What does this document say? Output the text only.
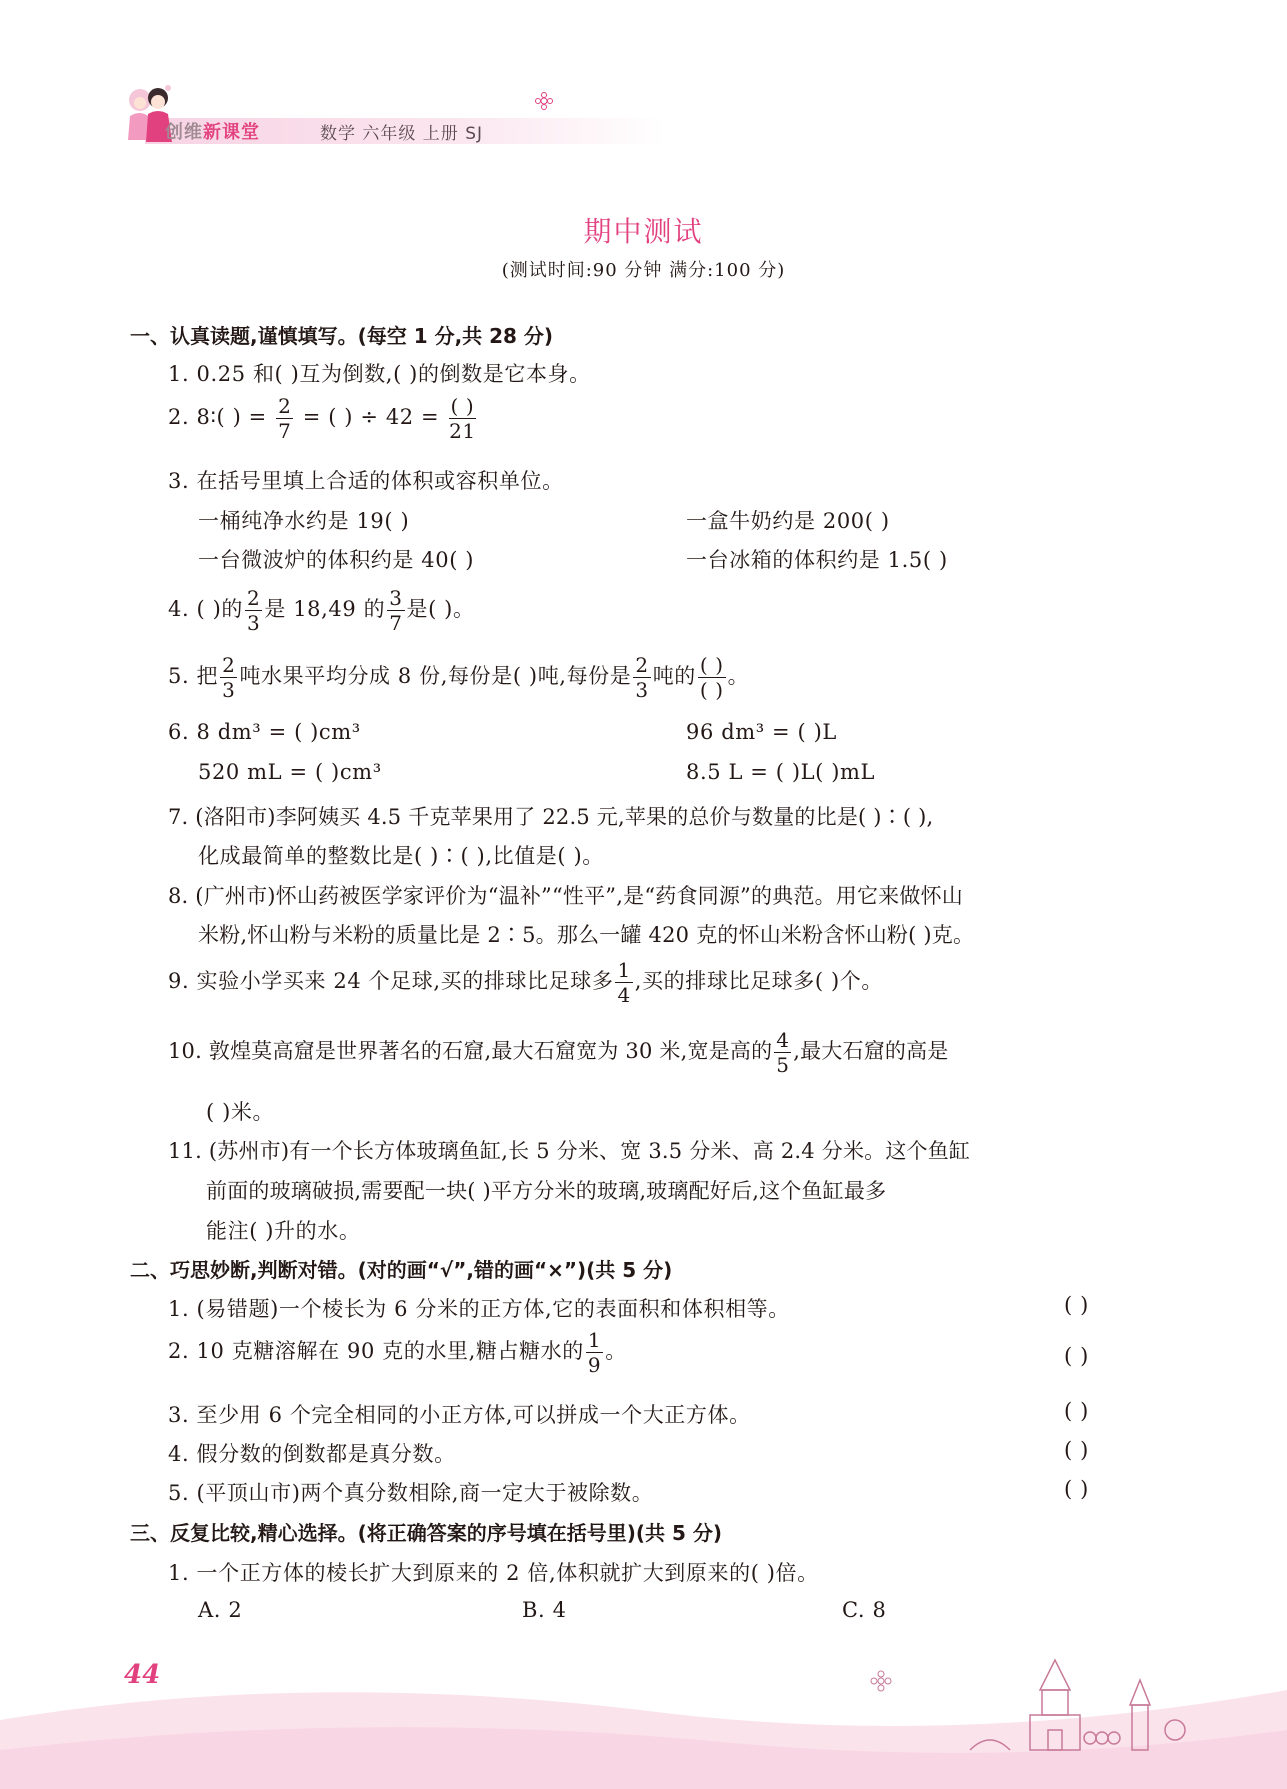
创维新课堂	数学 六年级 上册 SJ
期中测试
(测试时间:90 分钟 满分:100 分)
一、认真读题,谨慎填写。(每空 1 分,共 28 分)
1. 0.25 和( )互为倒数,( )的倒数是它本身。
2. 8∶( ) = $\frac{2}{7}$ = ( ) ÷ $42 = \frac{( )}{21}$
3. 在括号里填上合适的体积或容积单位。
一桶纯净水约是 19( )	一盒牛奶约是 200( )
一台微波炉的体积约是 40( )	一台冰箱的体积约是 1.5( )
4. ( )的 $\frac{2}{3}$ 是 18,49 的 $\frac{3}{7}$ 是( )。
5. 把 $\frac{2}{3}$ 吨水果平均分成 8 份,每份是( )吨,每份是 $\frac{2}{3}$ 吨的 $\frac{( )}{( )}$ 。
6. 8 dm³ = ( )cm³	96 dm³ = ( )L
520 mL = ( )cm³	8.5 L = ( )L( )mL
7. (洛阳市)李阿姨买 4.5 千克苹果用了 22.5 元,苹果的总价与数量的比是( )∶( ),
化成最简单的整数比是( )∶( ),比值是( )。
8. (广州市)怀山药被医学家评价为“温补”“性平”,是“药食同源”的典范。用它来做怀山
米粉,怀山粉与米粉的质量比是 2∶5。那么一罐 420 克的怀山米粉含怀山粉( )克。
9. 实验小学买来 24 个足球,买的排球比足球多 $\frac{1}{4}$ ,买的排球比足球多( )个。
10. 敦煌莫高窟是世界著名的石窟,最大石窟宽为 30 米,宽是高的 $\frac{4}{5}$ ,最大石窟的高是
( )米。
11. (苏州市)有一个长方体玻璃鱼缸,长 5 分米、宽 3.5 分米、高 2.4 分米。这个鱼缸
前面的玻璃破损,需要配一块( )平方分米的玻璃,玻璃配好后,这个鱼缸最多
能注( )升的水。
二、巧思妙断,判断对错。(对的画“√”,错的画“×”)(共 5 分)
1. (易错题)一个棱长为 6 分米的正方体,它的表面积和体积相等。	( )
2. 10 克糖溶解在 90 克的水里,糖占糖水的 $\frac{1}{9}$ 。	( )
3. 至少用 6 个完全相同的小正方体,可以拼成一个大正方体。	( )
4. 假分数的倒数都是真分数。	( )
5. (平顶山市)两个真分数相除,商一定大于被除数。	( )
三、反复比较,精心选择。(将正确答案的序号填在括号里)(共 5 分)
1. 一个正方体的棱长扩大到原来的 2 倍,体积就扩大到原来的( )倍。
A. 2	B. 4	C. 8
44
